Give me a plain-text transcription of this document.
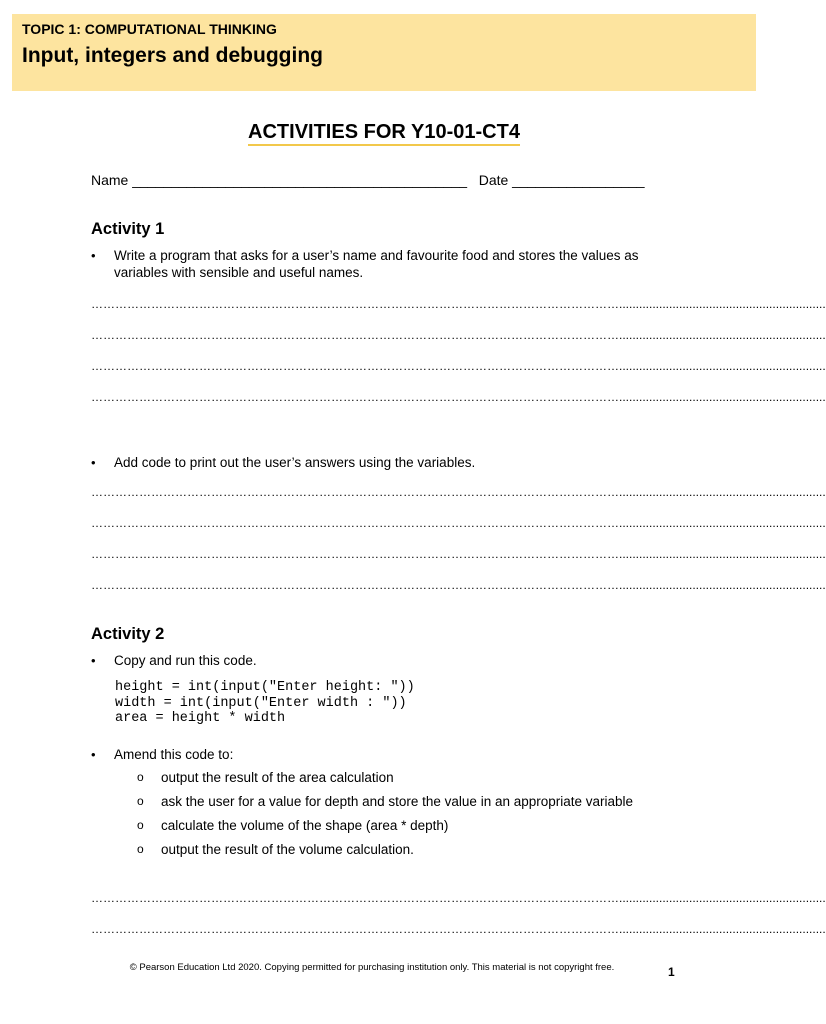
TOPIC 1: COMPUTATIONAL THINKING
Input, integers and debugging
ACTIVITIES FOR Y10-01-CT4
Name ___________________________________________   Date _________________
Activity 1
• Write a program that asks for a user’s name and favourite food and stores the values as variables with sensible and useful names.
……………………………………………………………………………………………………………………..............................................................
……………………………………………………………………………………………………………………..............................................................
……………………………………………………………………………………………………………………..............................................................
……………………………………………………………………………………………………………………..............................................................
• Add code to print out the user’s answers using the variables.
……………………………………………………………………………………………………………………..............................................................
……………………………………………………………………………………………………………………..............................................................
……………………………………………………………………………………………………………………..............................................................
……………………………………………………………………………………………………………………..............................................................
Activity 2
• Copy and run this code.
height = int(input("Enter height: "))
width = int(input("Enter width : "))
area = height * width
• Amend this code to:
o output the result of the area calculation
o ask the user for a value for depth and store the value in an appropriate variable
o calculate the volume of the shape (area * depth)
o output the result of the volume calculation.
……………………………………………………………………………………………………………………..............................................................
……………………………………………………………………………………………………………………..............................................................
© Pearson Education Ltd 2020. Copying permitted for purchasing institution only. This material is not copyright free.	1
